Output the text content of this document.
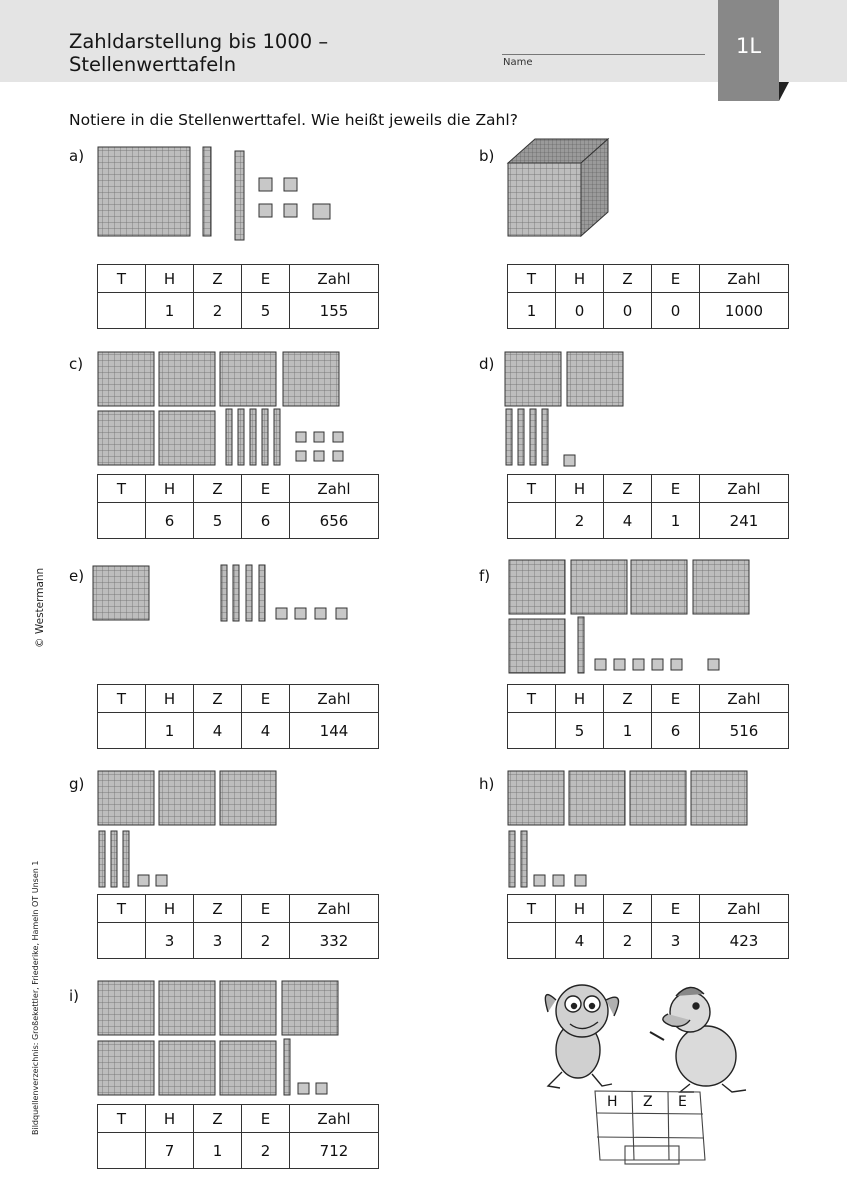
Zahldarstellung bis 1000 –
Stellenwerttafeln	Name
1L
Notiere in die Stellenwerttafel. Wie heißt jeweils die Zahl?
© Westermann
Bildquellenverzeichnis: Großekettler, Friederike, Hameln OT Unsen 1
a)	b)
c)	d)
e)	f)
g)	h)
i)
H Z E
T	H	Z	E	Zahl
	1	2	5	155
T	H	Z	E	Zahl
1	0	0	0	1000
T	H	Z	E	Zahl
	6	5	6	656
T	H	Z	E	Zahl
	2	4	1	241
T	H	Z	E	Zahl
	1	4	4	144
T	H	Z	E	Zahl
	5	1	6	516
T	H	Z	E	Zahl
	3	3	2	332
T	H	Z	E	Zahl
	4	2	3	423
T	H	Z	E	Zahl
	7	1	2	712
